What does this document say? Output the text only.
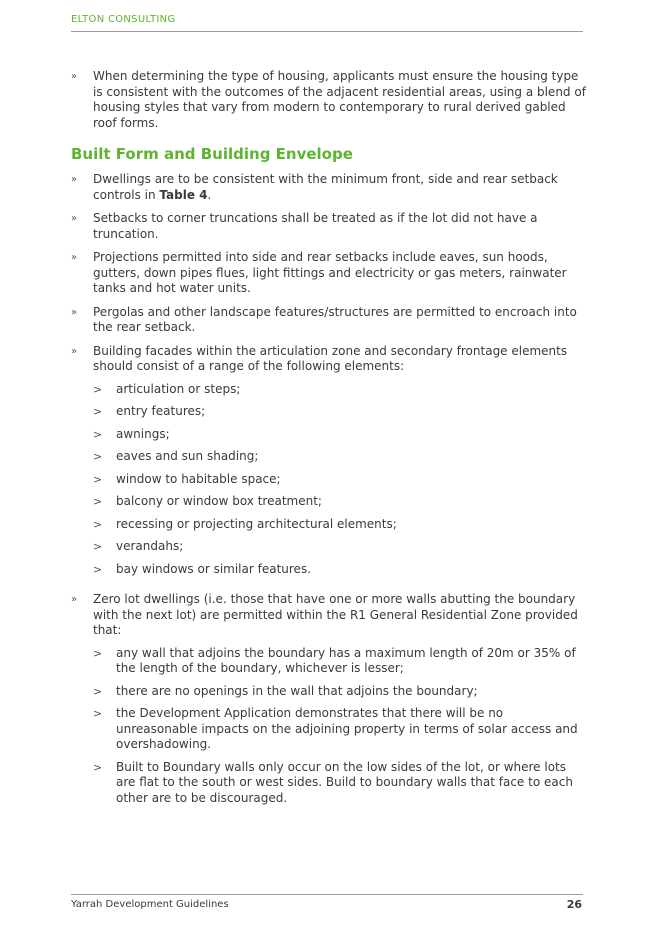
ELTON CONSULTING
»	When determining the type of housing, applicants must ensure the housing type is consistent with the outcomes of the adjacent residential areas, using a blend of housing styles that vary from modern to contemporary to rural derived gabled roof forms.
Built Form and Building Envelope
»	Dwellings are to be consistent with the minimum front, side and rear setback controls in Table 4.
»	Setbacks to corner truncations shall be treated as if the lot did not have a truncation.
»	Projections permitted into side and rear setbacks include eaves, sun hoods, gutters, down pipes flues, light fittings and electricity or gas meters, rainwater tanks and hot water units.
»	Pergolas and other landscape features/structures are permitted to encroach into the rear setback.
»	Building facades within the articulation zone and secondary frontage elements should consist of a range of the following elements:
>	articulation or steps;
>	entry features;
>	awnings;
>	eaves and sun shading;
>	window to habitable space;
>	balcony or window box treatment;
>	recessing or projecting architectural elements;
>	verandahs;
>	bay windows or similar features.
»	Zero lot dwellings (i.e. those that have one or more walls abutting the boundary with the next lot) are permitted within the R1 General Residential Zone provided that:
>	any wall that adjoins the boundary has a maximum length of 20m or 35% of the length of the boundary, whichever is lesser;
>	there are no openings in the wall that adjoins the boundary;
>	the Development Application demonstrates that there will be no unreasonable impacts on the adjoining property in terms of solar access and overshadowing.
>	Built to Boundary walls only occur on the low sides of the lot, or where lots are flat to the south or west sides. Build to boundary walls that face to each other are to be discouraged.
Yarrah Development Guidelines	26
